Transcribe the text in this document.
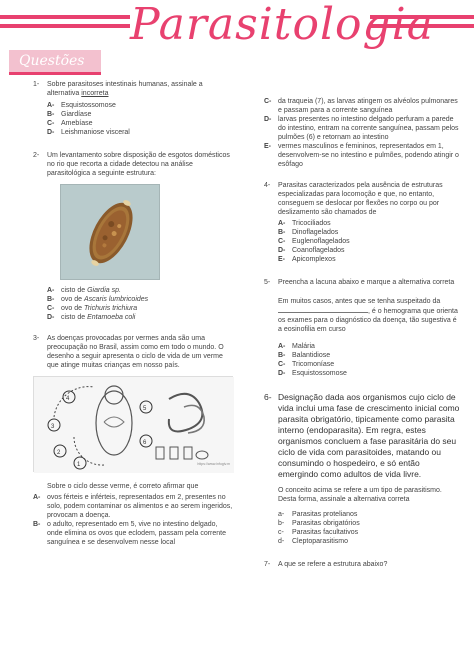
Parasitologia
Questões
1- Sobre parasitoses intestinais humanas, assinale a alternativa incorreta
A- Esquistossomose
B- Giardíase
C- Amebíase
D- Leishmaniose visceral
2- Um levantamento sobre disposição de esgotos domésticos no rio que recorta a cidade detectou na análise parasitológica a seguinte estrutura:
A- cisto de Giardia sp.
B- ovo de Ascaris lumbricoides
C- ovo de Trichuris trichiura
D- cisto de Entamoeba coli
3- As doenças provocadas por vermes anda são uma preocupação no Brasil, assim como em todo o mundo. O desenho a seguir apresenta o ciclo de vida de um verme que atinge muitas crianças em nosso país.
3
2
1
4
5
6
https://www.infogiv.m
Sobre o ciclo desse verme, é correto afirmar que
A- ovos férteis e inférteis, representados em 2, presentes no solo, podem contaminar os alimentos e ao serem ingeridos, provocam a doença.
B- o adulto, representado em 5, vive no intestino delgado, onde elimina os ovos que eclodem, passam pela corrente sanguínea e se desenvolvem nesse local
C- da traqueia (7), as larvas atingem os alvéolos pulmonares e passam para a corrente sanguínea
D- larvas presentes no intestino delgado perfuram a parede do intestino, entram na corrente sanguínea, passam pelos pulmões (6) e retornam ao intestino
E- vermes masculinos e femininos, representados em 1, desenvolvem-se no intestino e pulmões, podendo atingir o esôfago
4- Parasitas caracterizados pela ausência de estruturas especializadas para locomoção e que, no entanto, conseguem se deslocar por flexões no corpo ou por deslizamento são chamados de
A- Tricociliados
B- Dinoflagelados
C- Euglenoflagelados
D- Coanoflagelados
E- Apicomplexos
5- Preencha a lacuna abaixo e marque a alternativa correta
Em muitos casos, antes que se tenha suspeitado da , é o hemograma que orienta os exames para o diagnóstico da doença, tão sugestiva é a eosinofilia em curso
A- Malária
B- Balantidiose
C- Tricomoníase
D- Esquistossomose
6- Designação dada aos organismos cujo ciclo de vida inclui uma fase de crescimento inicial como parasita obrigatório, tipicamente como parasita interno (endoparasita). Em regra, estes organismos concluem a fase parasitária do seu ciclo de vida com parasitoides, matando ou consumindo o hospedeiro, e só então emergindo como adultos de vida livre.
O conceito acima se refere a um tipo de parasitismo. Desta forma, assinale a alternativa correta
a- Parasitas protelianos
b- Parasitas obrigatórios
c- Parasitas facultativos
d- Cleptoparasitismo
7- A que se refere a estrutura abaixo?
